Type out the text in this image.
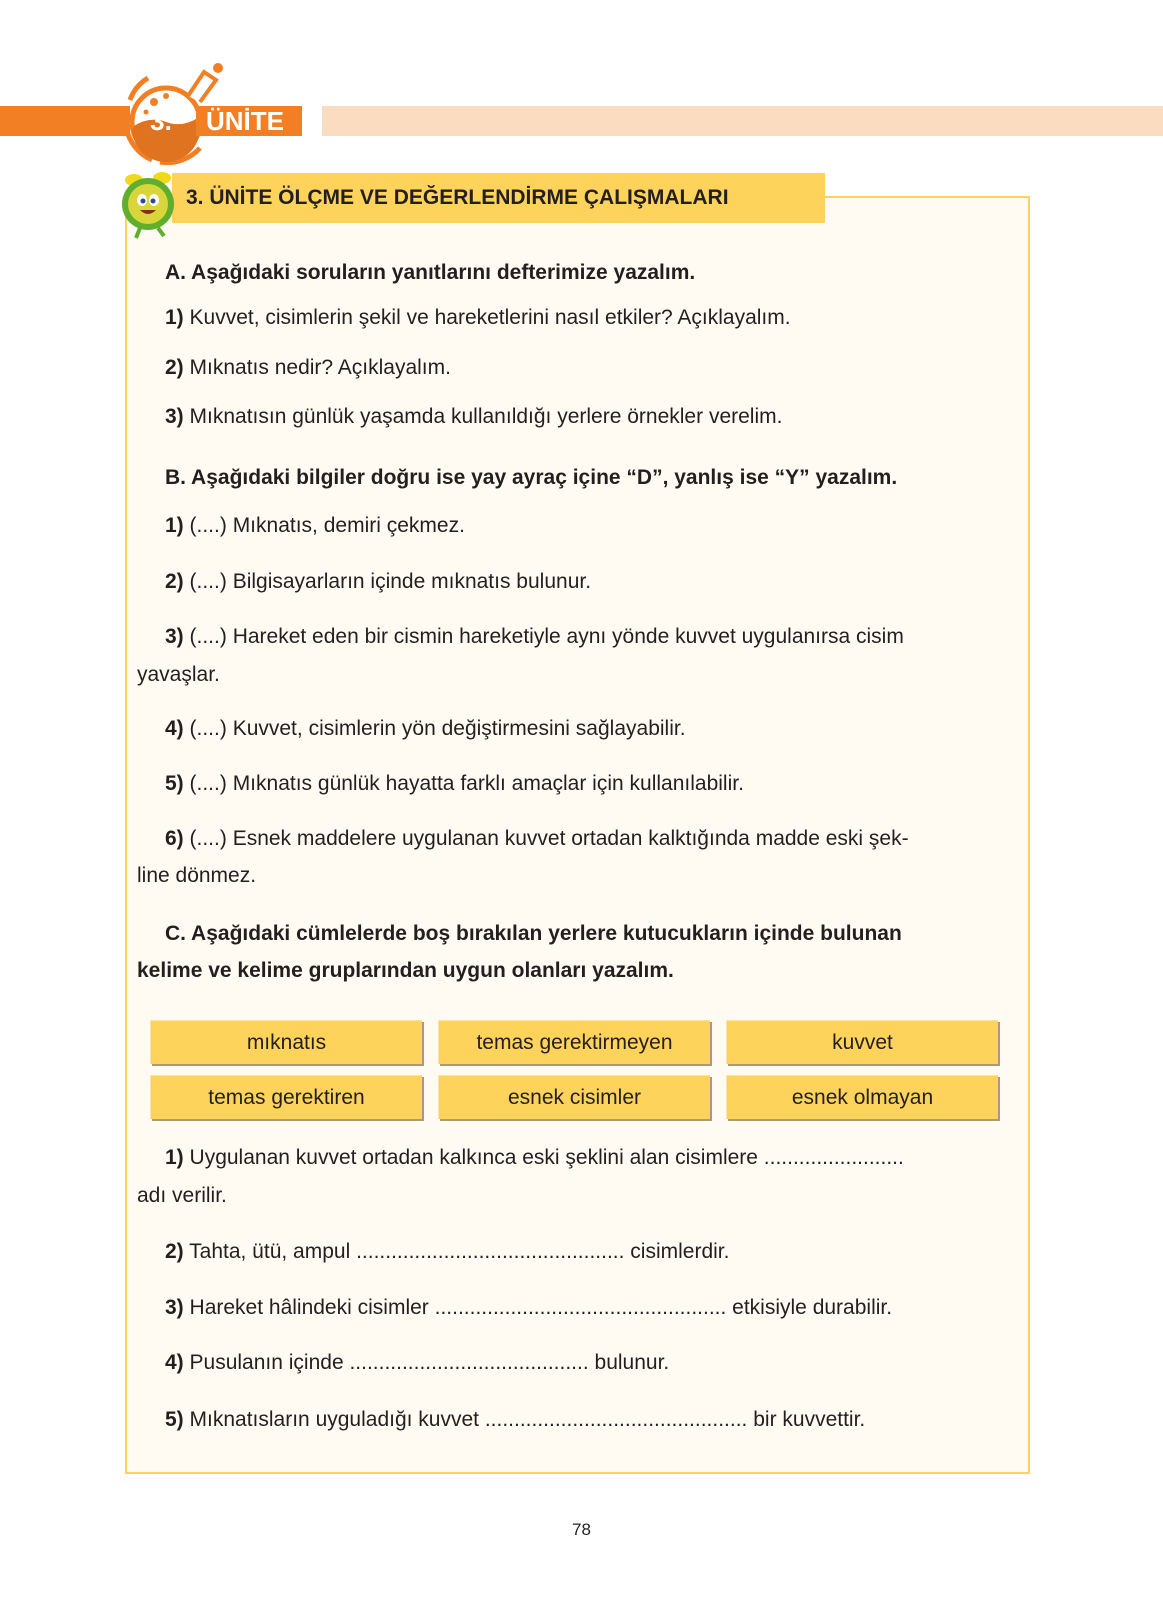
3.	ÜNİTE
3. ÜNİTE ÖLÇME VE DEĞERLENDİRME ÇALIŞMALARI
A. Aşağıdaki soruların yanıtlarını defterimize yazalım.
1) Kuvvet, cisimlerin şekil ve hareketlerini nasıl etkiler? Açıklayalım.
2) Mıknatıs nedir? Açıklayalım.
3) Mıknatısın günlük yaşamda kullanıldığı yerlere örnekler verelim.
B. Aşağıdaki bilgiler doğru ise yay ayraç içine “D”, yanlış ise “Y” yazalım.
1) (....) Mıknatıs, demiri çekmez.
2) (....) Bilgisayarların içinde mıknatıs bulunur.
3) (....) Hareket eden bir cismin hareketiyle aynı yönde kuvvet uygulanırsa cisim
yavaşlar.
4) (....) Kuvvet, cisimlerin yön değiştirmesini sağlayabilir.
5) (....) Mıknatıs günlük hayatta farklı amaçlar için kullanılabilir.
6) (....) Esnek maddelere uygulanan kuvvet ortadan kalktığında madde eski şek-
line dönmez.
C. Aşağıdaki cümlelerde boş bırakılan yerlere kutucukların içinde bulunan
kelime ve kelime gruplarından uygun olanları yazalım.
mıknatıs	temas gerektirmeyen	kuvvet
temas gerektiren	esnek cisimler	esnek olmayan
1) Uygulanan kuvvet ortadan kalkınca eski şeklini alan cisimlere ........................
adı verilir.
2) Tahta, ütü, ampul .............................................. cisimlerdir.
3) Hareket hâlindeki cisimler .................................................. etkisiyle durabilir.
4) Pusulanın içinde ......................................... bulunur.
5) Mıknatısların uyguladığı kuvvet ............................................. bir kuvvettir.
78
